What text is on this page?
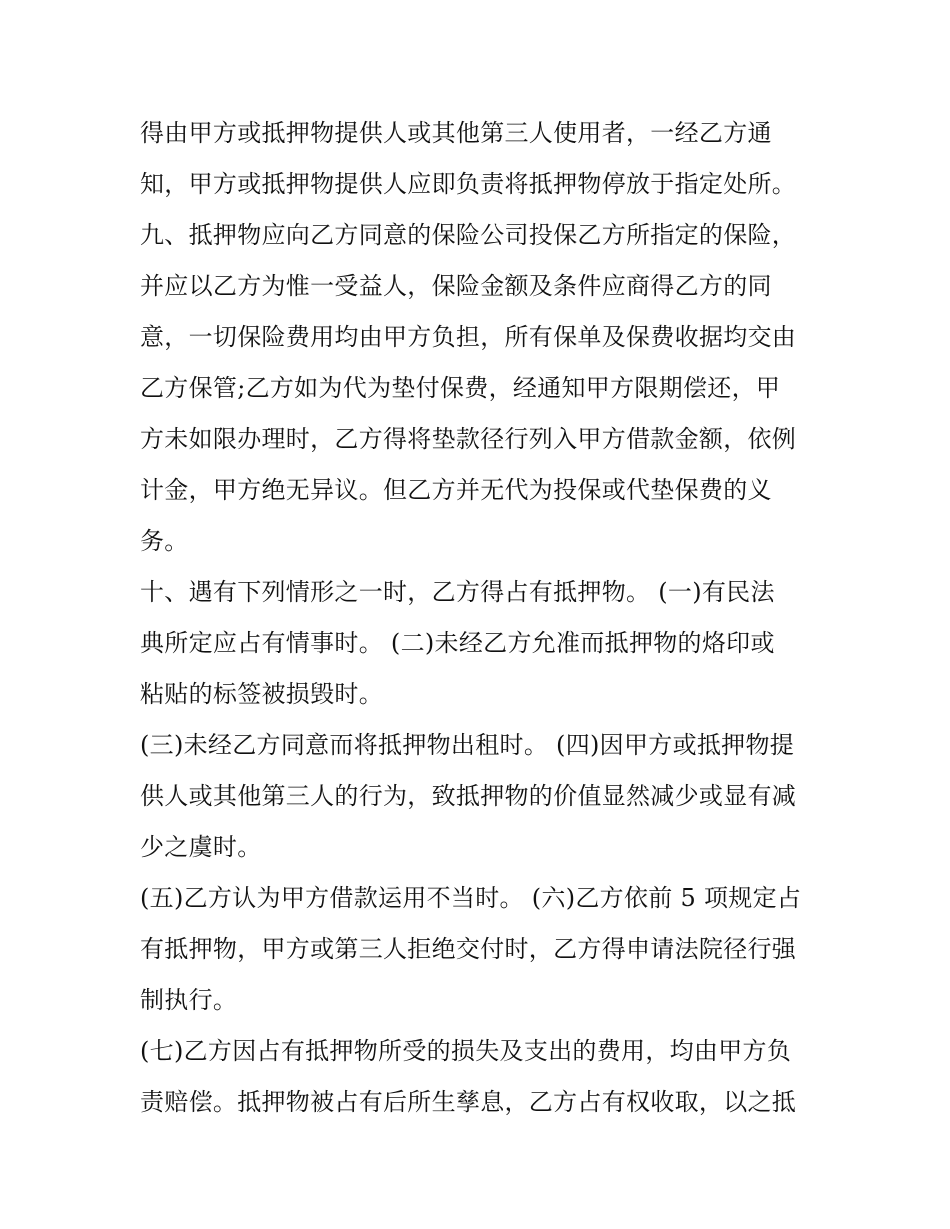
得由甲方或抵押物提供人或其他第三人使用者，一经乙方通
知，甲方或抵押物提供人应即负责将抵押物停放于指定处所。
九、抵押物应向乙方同意的保险公司投保乙方所指定的保险，
并应以乙方为惟一受益人，保险金额及条件应商得乙方的同
意，一切保险费用均由甲方负担，所有保单及保费收据均交由
乙方保管;乙方如为代为垫付保费，经通知甲方限期偿还，甲
方未如限办理时，乙方得将垫款径行列入甲方借款金额，依例
计金，甲方绝无异议。但乙方并无代为投保或代垫保费的义
务。
十、遇有下列情形之一时，乙方得占有抵押物。 (一)有民法
典所定应占有情事时。 (二)未经乙方允准而抵押物的烙印或
粘贴的标签被损毁时。
(三)未经乙方同意而将抵押物出租时。 (四)因甲方或抵押物提
供人或其他第三人的行为，致抵押物的价值显然减少或显有减
少之虞时。
(五)乙方认为甲方借款运用不当时。 (六)乙方依前 5 项规定占
有抵押物，甲方或第三人拒绝交付时，乙方得申请法院径行强
制执行。
(七)乙方因占有抵押物所受的损失及支出的费用，均由甲方负
责赔偿。抵押物被占有后所生孳息，乙方占有权收取，以之抵
